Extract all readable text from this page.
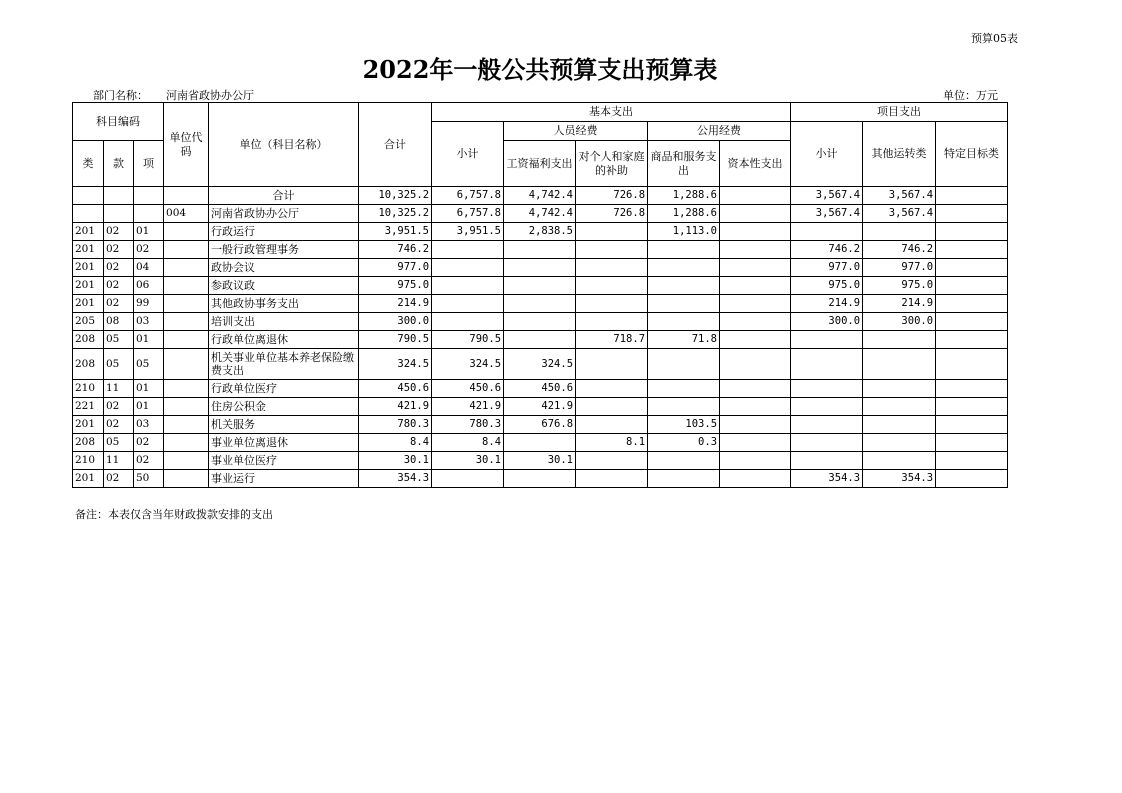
预算05表
2022年一般公共预算支出预算表
部门名称： 河南省政协办公厅	单位：万元
科目编码			单位代码	单位（科目名称）	合计	基本支出					项目支出		
						小计	人员经费		公用经费		小计	其他运转类	特定目标类
类	款	项					工资福利支出	对个人和家庭的补助	商品和服务支出	资本性支出			

				合计	10,325.2	6,757.8	4,742.4	726.8	1,288.6		3,567.4	3,567.4	
			004	河南省政协办公厅	10,325.2	6,757.8	4,742.4	726.8	1,288.6		3,567.4	3,567.4	
201	02	01		行政运行	3,951.5	3,951.5	2,838.5		1,113.0				
201	02	02		一般行政管理事务	746.2						746.2	746.2	
201	02	04		政协会议	977.0						977.0	977.0	
201	02	06		参政议政	975.0						975.0	975.0	
201	02	99		其他政协事务支出	214.9						214.9	214.9	
205	08	03		培训支出	300.0						300.0	300.0	
208	05	01		行政单位离退休	790.5	790.5		718.7	71.8				
208	05	05		机关事业单位基本养老保险缴费支出	324.5	324.5	324.5						
210	11	01		行政单位医疗	450.6	450.6	450.6						
221	02	01		住房公积金	421.9	421.9	421.9						
201	02	03		机关服务	780.3	780.3	676.8		103.5				
208	05	02		事业单位离退休	8.4	8.4		8.1	0.3				
210	11	02		事业单位医疗	30.1	30.1	30.1						
201	02	50		事业运行	354.3						354.3	354.3	
备注：本表仅含当年财政拨款安排的支出
